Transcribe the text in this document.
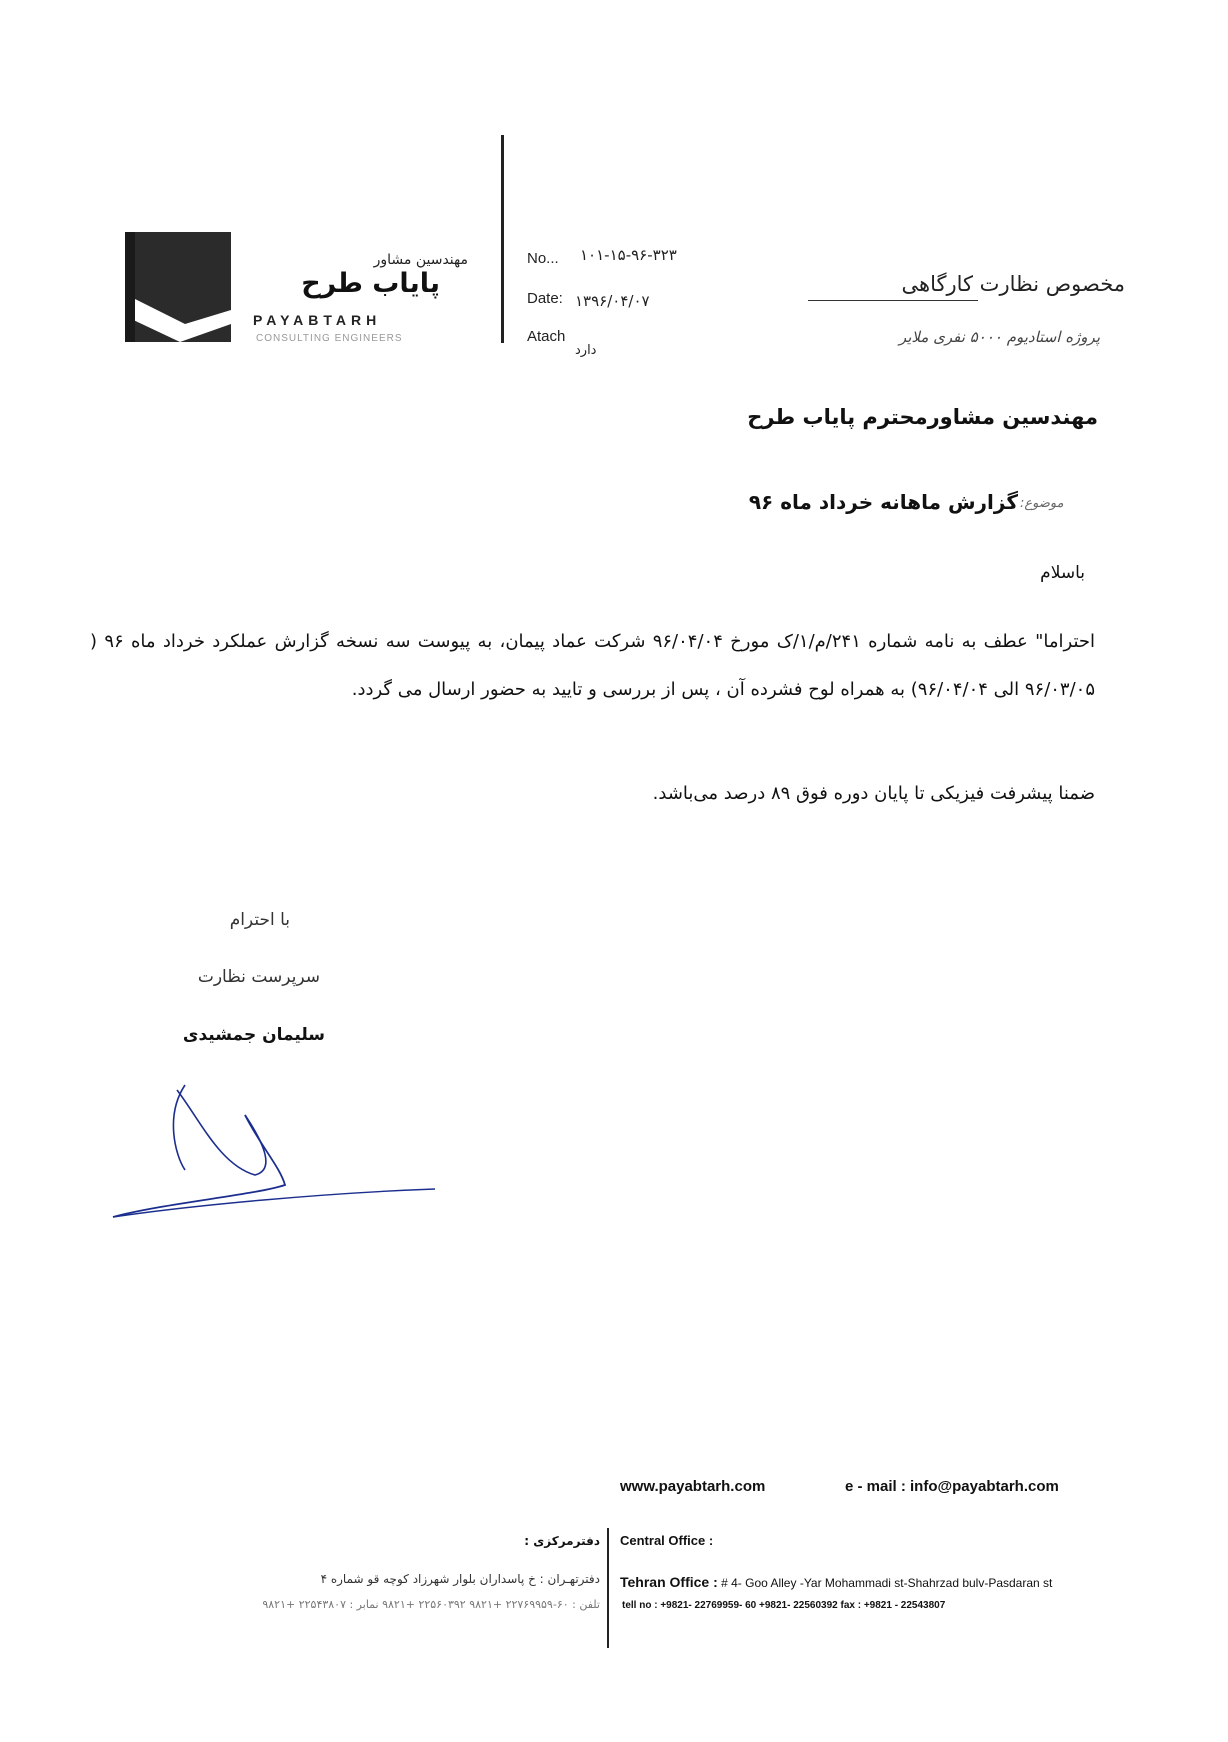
مهندسین مشاور
پایاب طرح
PAYABTARH
CONSULTING ENGINEERS
No... ۱۰۱-۱۵-۹۶-۳۲۳
Date: ۱۳۹۶/۰۴/۰۷
Atach
دارد
مخصوص نظارت کارگاهی
پروژه استادیوم ۵۰۰۰ نفری ملایر
مهندسین مشاورمحترم پایاب طرح
موضوع:
گزارش ماهانه خرداد ماه ۹۶
باسلام
احتراما" عطف به نامه شماره ۲۴۱/م/۱/ک مورخ ۹۶/۰۴/۰۴ شرکت عماد پیمان، به پیوست سه نسخه گزارش عملکرد خرداد ماه ۹۶ ( ۹۶/۰۳/۰۵ الی ۹۶/۰۴/۰۴) به همراه لوح فشرده آن ، پس از بررسی و تایید به حضور ارسال می گردد.
ضمنا پیشرفت فیزیکی تا پایان دوره فوق ۸۹ درصد می‌باشد.
با احترام
سرپرست نظارت
سلیمان جمشیدی
www.payabtarh.com	e - mail : info@payabtarh.com
Central Office :
دفترمرکزی :
Tehran Office : # 4- Goo Alley -Yar Mohammadi st-Shahrzad bulv-Pasdaran st
دفترتهـران : خ پاسداران بلوار شهرزاد کوچه قو شماره ۴
tell no : +9821- 22769959- 60 +9821- 22560392 fax : +9821 - 22543807
تلفن : ۶۰-۲۲۷۶۹۹۵۹ +۹۸۲۱ ۲۲۵۶۰۳۹۲ +۹۸۲۱ نمابر : ۲۲۵۴۳۸۰۷ +۹۸۲۱
